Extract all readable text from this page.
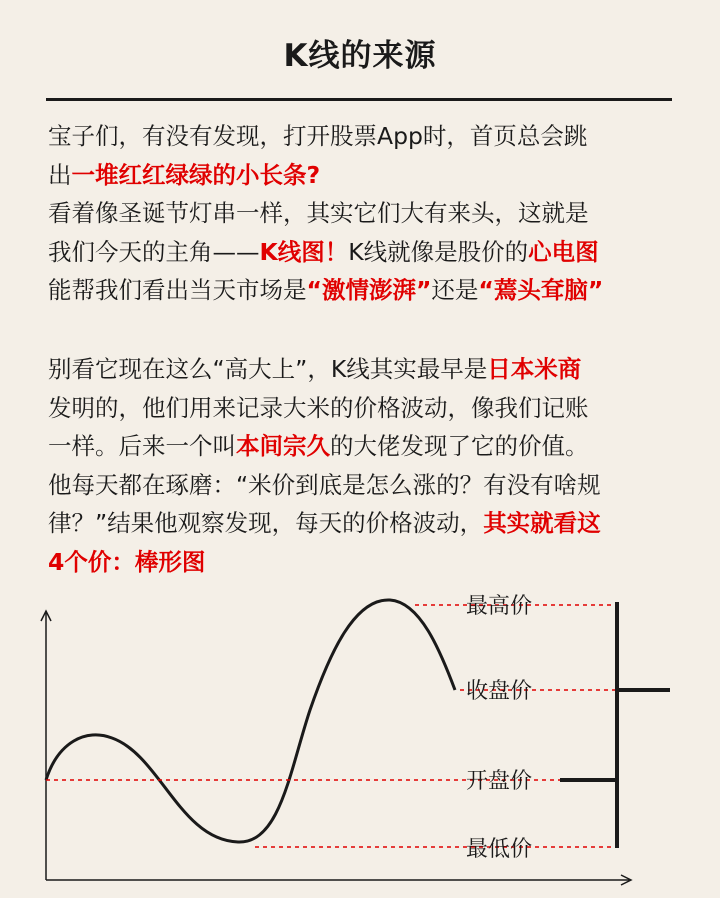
K线的来源
宝子们，有没有发现，打开股票App时，首页总会跳
出一堆红红绿绿的小长条?
看着像圣诞节灯串一样，其实它们大有来头，这就是
我们今天的主角——K线图！K线就像是股价的心电图
能帮我们看出当天市场是“激情澎湃”还是“蔫头耷脑”
别看它现在这么“高大上”，K线其实最早是日本米商
发明的，他们用来记录大米的价格波动，像我们记账
一样。后来一个叫本间宗久的大佬发现了它的价值。
他每天都在琢磨：“米价到底是怎么涨的？有没有啥规
律？”结果他观察发现，每天的价格波动，其实就看这
4个价：棒形图
最高价
收盘价
开盘价
最低价
